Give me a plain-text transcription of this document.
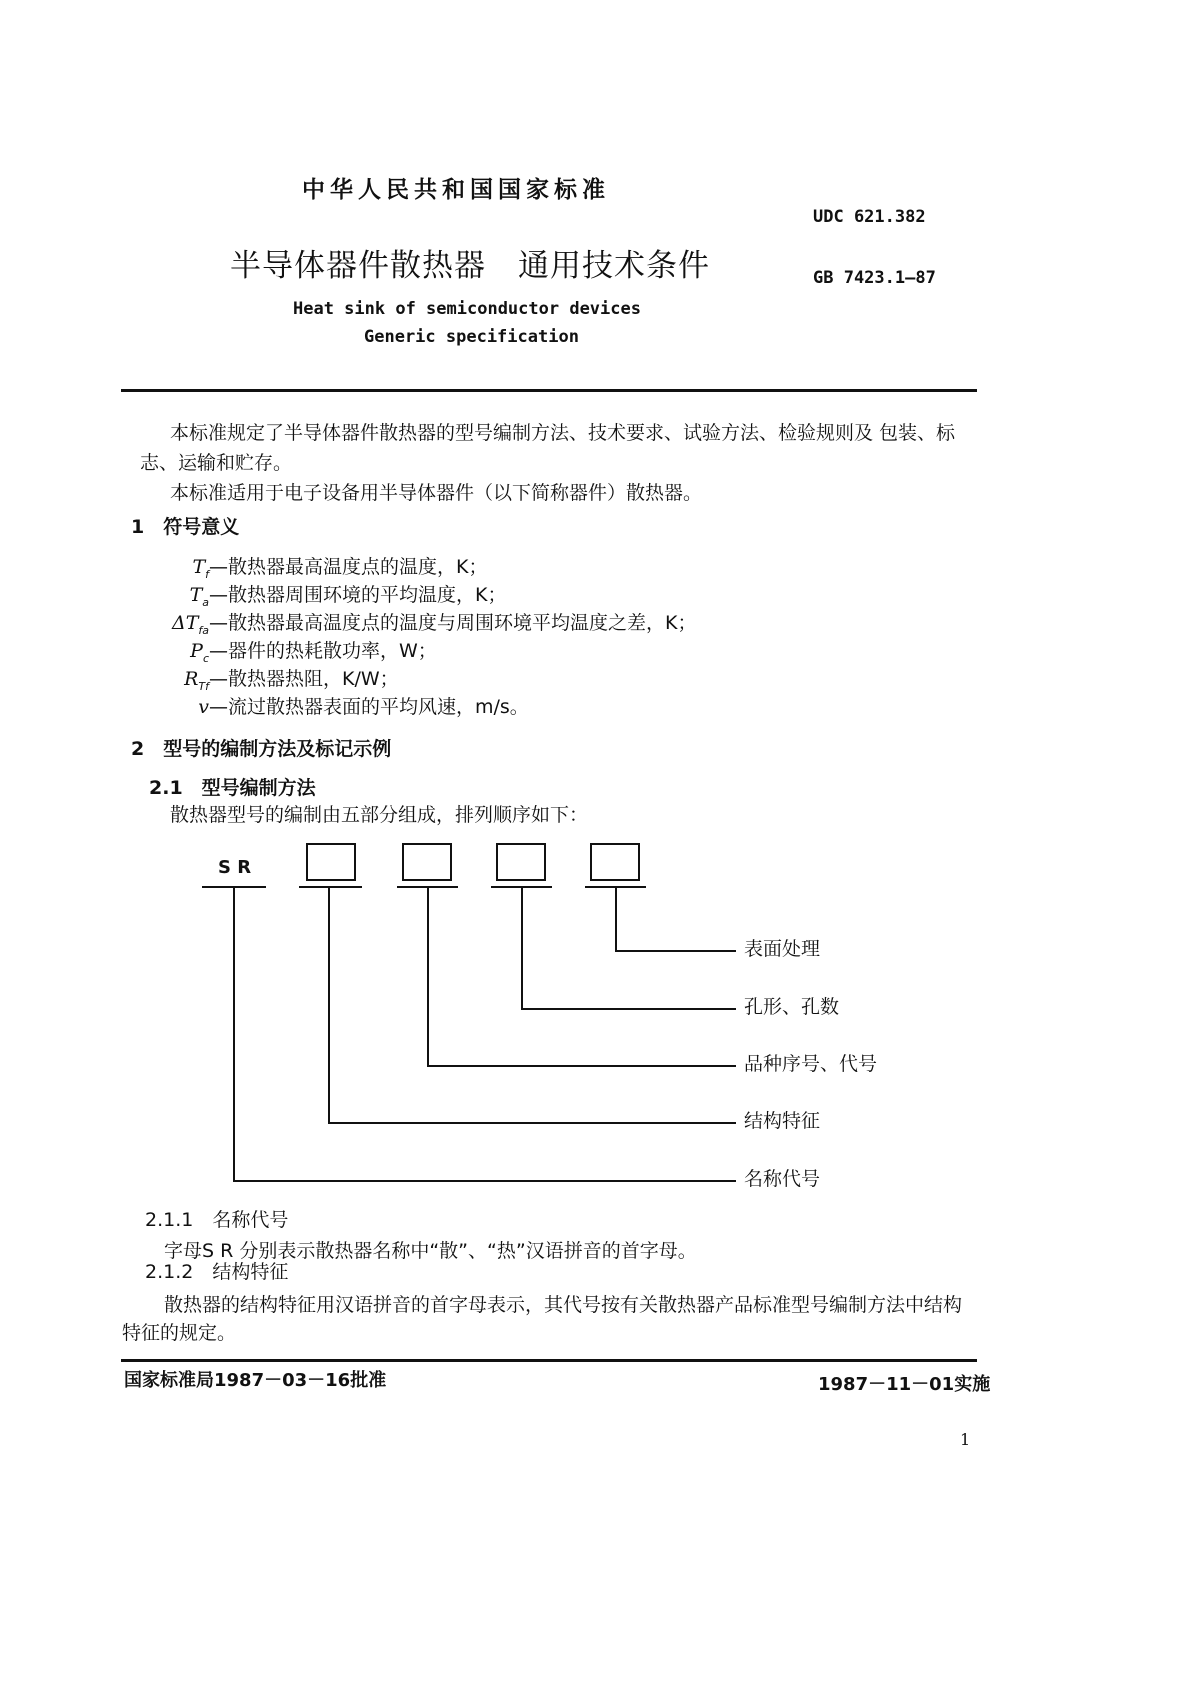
中华人民共和国国家标准
UDC 621.382
半导体器件散热器　通用技术条件	GB 7423.1—87
Heat sink of semiconductor devices
Generic specification
本标准规定了半导体器件散热器的型号编制方法、技术要求、试验方法、检验规则及 包装、标
志、运输和贮存。
本标准适用于电子设备用半导体器件（以下简称器件）散热器。
1　符号意义
$T_f—$散热器最高温度点的温度，K；
$T_a—$散热器周围环境的平均温度，K；
$\Delta T_{fa}—$散热器最高温度点的温度与周围环境平均温度之差，K；
$P_c—$器件的热耗散功率，W；
$R_{Tf}—$散热器热阻，K/W；
v—流过散热器表面的平均风速，m/s。
2　型号的编制方法及标记示例
2.1　型号编制方法
散热器型号的编制由五部分组成，排列顺序如下：
S R
表面处理
孔形、孔数
品种序号、代号
结构特征
名称代号
2.1.1　名称代号
字母S R 分别表示散热器名称中“散”、“热”汉语拼音的首字母。
2.1.2　结构特征
散热器的结构特征用汉语拼音的首字母表示，其代号按有关散热器产品标准型号编制方法中结构
特征的规定。
国家标准局1987－03－16批准	1987－11－01实施
1
